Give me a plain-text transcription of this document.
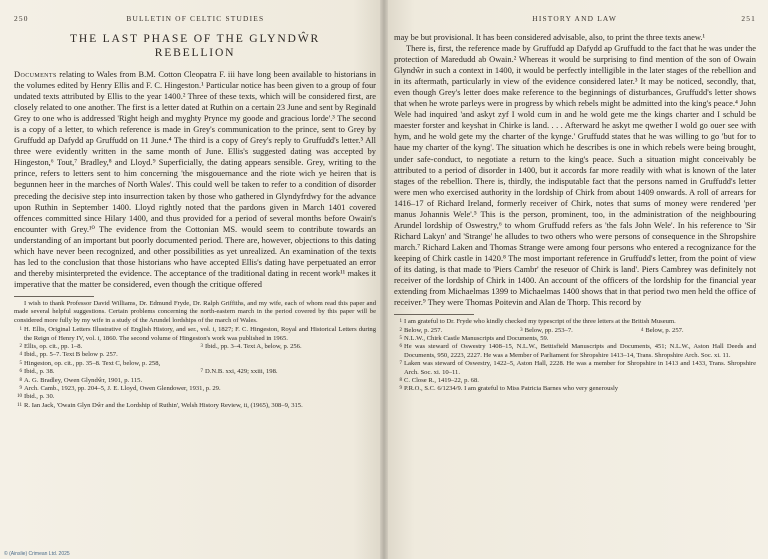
250	BULLETIN OF CELTIC STUDIES
THE LAST PHASE OF THE GLYNDŴR
REBELLION

Documents relating to Wales from B.M. Cotton Cleopatra F. iii have long been available to historians in the volumes edited by Henry Ellis and F. C. Hingeston.¹ Particular notice has been given to a group of four undated texts attributed by Ellis to the year 1400.² Three of these texts, which will be considered first, are closely related to one another. The first is a letter dated at Ruthin on a certain 23 June and sent by Reginald Grey to one who is addressed 'Right heigh and myghty Prynce my goode and gracious lorde'.³ The second is a copy of a letter, to which reference is made in Grey's communication to the prince, sent to Grey by Gruffudd ap Dafydd ap Gruffudd on 11 June.⁴ The third is a copy of Grey's reply to Gruffudd's letter.⁵ All three were evidently written in the same month of June. Ellis's suggested dating was accepted by Hingeston,⁶ Tout,⁷ Bradley,⁸ and Lloyd.⁹ Superficially, the dating appears sensible. Grey, writing to the prince, refers to letters sent to him concerning 'the misgouernance and the riote wich ye heiren that is begunnen heer in the marches of North Wales'. This could well be taken to refer to a condition of disorder preceding the decisive step into insurrection taken by those who gathered in Glyndyfrdwy for the advance upon Ruthin in September 1400. Lloyd rightly noted that the pardons given in March 1401 covered offences committed since Hilary 1400, and thus provided for a period of several months before Owain's encounter with Grey.¹⁰ The evidence from the Cottonian MS. would seem to contribute towards an understanding of an important but poorly documented period. There are, however, objections to this dating which have never been recognized, and other possibilities as yet unrealized. An examination of the texts has led to the conclusion that those historians who have accepted Ellis's dating have perpetuated an error and thereby misinterpreted the evidence. The acceptance of the traditional dating in recent work¹¹ makes it imperative that the matter be considered, even though the critique offered

I wish to thank Professor David Williams, Dr. Edmund Fryde, Dr. Ralph Griffiths, and my wife, each of whom read this paper and made several helpful suggestions. Certain problems concerning the north-eastern march in the period covered by this paper will be considered more fully by my wife in a study of the Arundel lordships of the march of Wales.
1 H. Ellis, Original Letters Illustrative of English History, and ser., vol. i, 1827; F. C. Hingeston, Royal and Historical Letters during the Reign of Henry IV, vol. i, 1860. The second volume of Hingeston's work was published in 1965.
2 Ellis, op. cit., pp. 1–8.	3 Ibid., pp. 3–4. Text A, below, p. 256.
4 Ibid., pp. 5–7. Text B below p. 257.
5 Hingeston, op. cit., pp. 35–8. Text C, below, p. 258,
6 Ibid., p. 38.	7 D.N.B. xxi, 429; xxiii, 198.
8 A. G. Bradley, Owen Glyndŵr, 1901, p. 115.
9 Arch. Camb., 1923, pp. 204–5, J. E. Lloyd, Owen Glendower, 1931, p. 29.
10 Ibid., p. 30.
11 R. Ian Jack, 'Owain Glyn Dŵr and the Lordship of Ruthin', Welsh History Review, ii, (1965), 308–9, 315.
© (Ainslie) Crimean Ltd. 2025
HISTORY AND LAW	251

may be but provisional. It has been considered advisable, also, to print the three texts anew.¹

There is, first, the reference made by Gruffudd ap Dafydd ap Gruffudd to the fact that he was under the protection of Maredudd ab Owain.² Whereas it would be surprising to find mention of the son of Owain Glyndŵr in such a context in 1400, it would be perfectly intelligible in the later stages of the rebellion and in its aftermath, particularly in view of the evidence considered later.³ It may be noticed, secondly, that, even though Grey's letter does make reference to the beginnings of disturbances, Gruffudd's letter shows that when he wrote parleys were in progress by which rebels might be admitted into the king's peace.⁴ John Wele had inquired 'and askyt zyf I wold cum in and he wold gete me the kings charter and I schuld be maester forster and keyshat in Chirke is land. . . . Afterward he askyt me qwether I wold go ouer see with hym, and he wold gete my the charter of the kynge.' Gruffudd states that he was willing to go 'but for to haue my charter of the kyng'. The situation which he describes is one in which rebels were being brought, under safe-conduct, to negotiate a return to the king's peace. Such a situation might conceivably be attributed to a period of disorder in 1400, but it accords far more readily with what is known of the later stages of the rebellion. There is, thirdly, the indisputable fact that the persons named in Gruffudd's letter were men who exercised authority in the lordship of Chirk from about 1409 onwards. A roll of arrears for 1416–17 of Richard Ireland, formerly receiver of Chirk, notes that sums of money were rendered 'per manus Johannis Wele'.⁵ This is the person, prominent, too, in the administration of the neighbouring Arundel lordship of Oswestry,⁶ to whom Gruffudd refers as 'the fals John Wele'. In his reference to 'Sir Richard Lakyn' and 'Strange' he alludes to two others who were persons of consequence in the Shropshire march.⁷ Richard Laken and Thomas Strange were among four persons who entered a recognizance for the keeping of Chirk castle in 1420.⁸ The most important reference in Gruffudd's letter, from the point of view of its dating, is that made to 'Piers Cambr' the reseuor of Chirk is land'. Piers Cambrey was definitely not receiver of the lordship of Chirk in 1400. An account of the officers of the lordship for the financial year extending from Michaelmas 1399 to Michaelmas 1400 shows that in that period two men held the office of receiver.⁹ They were Thomas Poitevin and Alan de Thorp. This record by

1 I am grateful to Dr. Fryde who kindly checked my typescript of the three letters at the British Museum.
2 Below, p. 257.	3 Below, pp. 253–7.	4 Below, p. 257.
5 N.L.W., Chirk Castle Manuscripts and Documents, 59.
6 He was steward of Oswestry 1408–15, N.L.W., Bettisfield Manuscripts and Documents, 451; N.L.W., Aston Hall Deeds and Documents, 950, 2223, 2227. He was a Member of Parliament for Shropshire 1413–14, Trans. Shropshire Arch. Soc. xi. 11.
7 Laken was steward of Oswestry, 1422–5, Aston Hall, 2228. He was a member for Shropshire in 1413 and 1433, Trans. Shropshire Arch. Soc. xi. 10–11.
8 C. Close R., 1419–22, p. 68.
9 P.R.O., S.C. 6/1234/9. I am grateful to Miss Patricia Barnes who very generously
